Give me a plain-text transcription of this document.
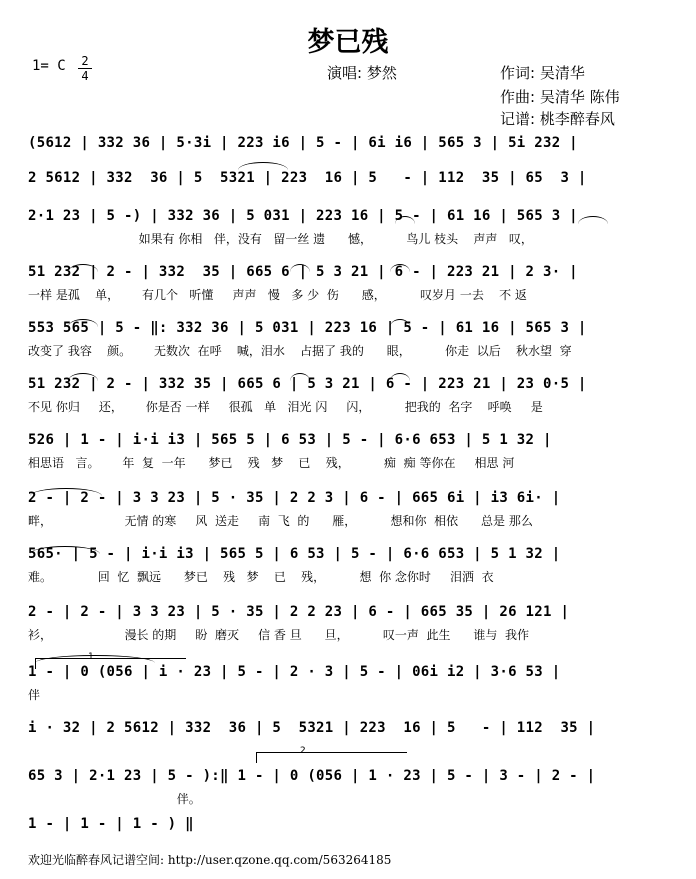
梦已残
1= C 2
4	演唱: 梦然	作词: 吴清华
作曲: 吴清华 陈伟
记谱: 桃李醉春风
(5612 | 332 36 | 5·3i | 223 i6 | 5 - | 6i i6 | 565 3 | 5i 232 |
2 5612 | 332  36 | 5  5321 | 223  16 | 5   - | 112  35 | 65  3 |
2·1 23 | 5 -) | 332 36 | 5 031 | 223 16 | 5 - | 61 16 | 565 3 |
如果有 你相   伴，没有   留一丝 遗      憾，         鸟儿 枝头    声声   叹，
51 232 | 2 - | 332  35 | 665 6 | 5 3 21 | 6 - | 223 21 | 2 3· |
一样 是孤    单，      有几个   听懂     声声   慢   多 少  伤      感，         叹岁月 一去    不 返
553 565 | 5 - ‖: 332 36 | 5 031 | 223 16 | 5 - | 61 16 | 565 3 |
改变了 我容    颜。      无数次  在呼    喊，泪水    占据了 我的      眼，         你走  以后    秋水望  穿
51 232 | 2 - | 332 35 | 665 6 | 5 3 21 | 6 - | 223 21 | 23 0·5 |
不见 你归     还，      你是否 一样     很孤   单   泪光 闪     闪，         把我的  名字    呼唤     是
526 | 1 - | i·i i3 | 565 5 | 6 53 | 5 - | 6·6 653 | 5 1 32 |
相思语   言。      年  复  一年      梦已    残   梦    已    残，         痴  痴 等你在     相思 河
2 - | 2 - | 3 3 23 | 5 · 35 | 2 2 3 | 6 - | 665 6i | i3 6i· |
畔，                   无情 的寒     风  送走     南  飞  的      雁，         想和你  相依      总是 那么
565· | 5 - | i·i i3 | 565 5 | 6 53 | 5 - | 6·6 653 | 5 1 32 |
难。            回  忆  飘远      梦已    残   梦    已    残，         想  你 念你时     泪洒  衣
2 - | 2 - | 3 3 23 | 5 · 35 | 2 2 23 | 6 - | 665 35 | 26 121 |
衫，                   漫长 的期     盼  磨灭     信 香 旦      旦，         叹一声  此生      谁与  我作
1 - | 0 (056 | i · 23 | 5 - | 2 · 3 | 5 - | 06i i2 | 3·6 53 |
伴
i · 32 | 2 5612 | 332  36 | 5  5321 | 223  16 | 5   - | 112  35 |
65 3 | 2·1 23 | 5 - ):‖ 1 - | 0 (056 | 1 · 23 | 5 - | 3 - | 2 - |
伴。
1 - | 1 - | 1 - ) ‖
1
2
欢迎光临醉春风记谱空间: http://user.qzone.qq.com/563264185
